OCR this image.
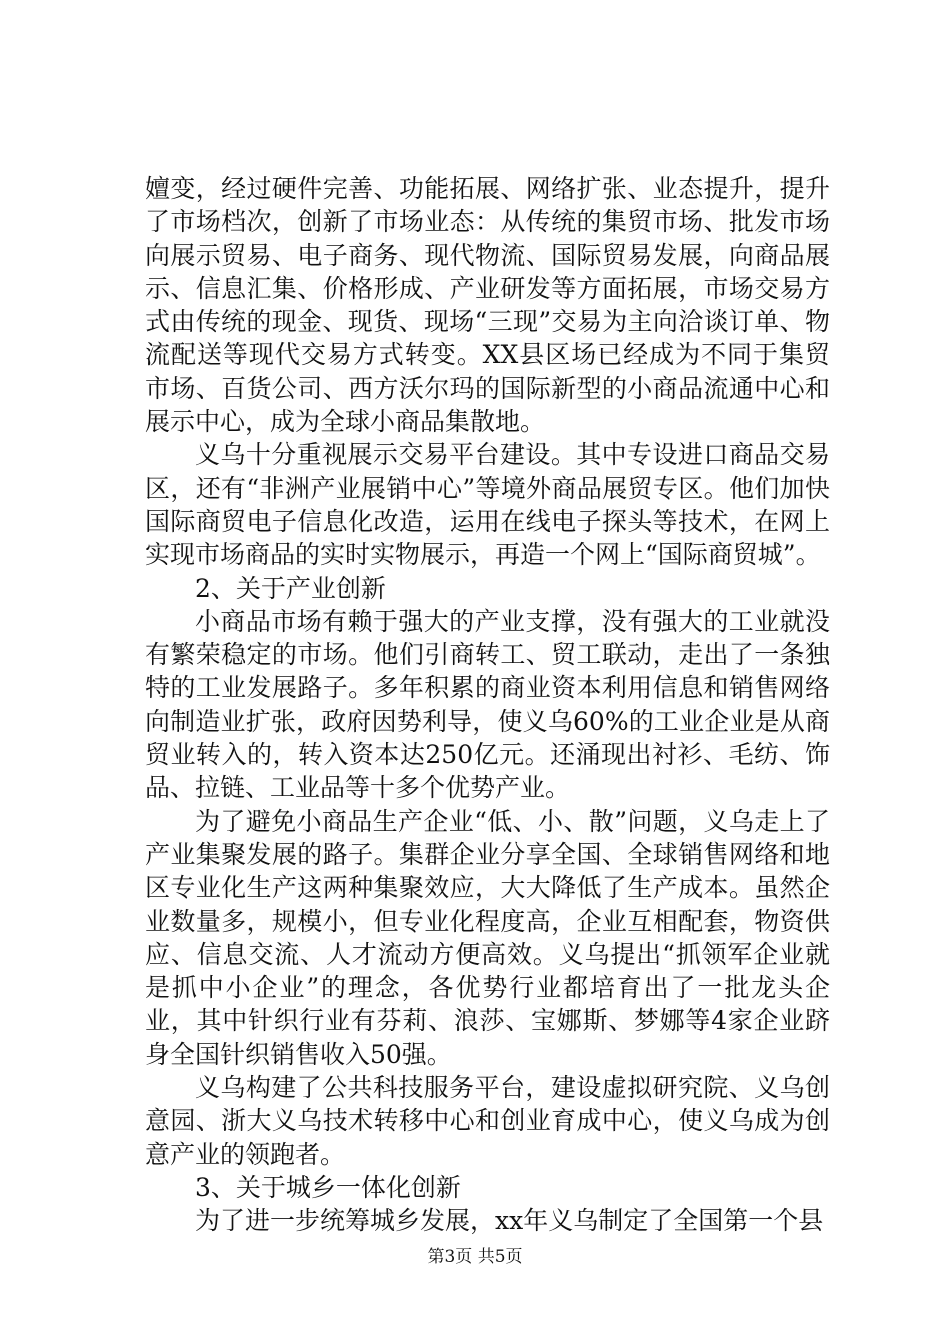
嬗变，经过硬件完善、功能拓展、网络扩张、业态提升，提升了市场档次，创新了市场业态：从传统的集贸市场、批发市场向展示贸易、电子商务、现代物流、国际贸易发展，向商品展示、信息汇集、价格形成、产业研发等方面拓展，市场交易方式由传统的现金、现货、现场“三现”交易为主向洽谈订单、物流配送等现代交易方式转变。XX县区场已经成为不同于集贸市场、百货公司、西方沃尔玛的国际新型的小商品流通中心和展示中心，成为全球小商品集散地。

义乌十分重视展示交易平台建设。其中专设进口商品交易区，还有“非洲产业展销中心”等境外商品展贸专区。他们加快国际商贸电子信息化改造，运用在线电子探头等技术，在网上实现市场商品的实时实物展示，再造一个网上“国际商贸城”。

2、关于产业创新

小商品市场有赖于强大的产业支撑，没有强大的工业就没有繁荣稳定的市场。他们引商转工、贸工联动，走出了一条独特的工业发展路子。多年积累的商业资本利用信息和销售网络向制造业扩张，政府因势利导，使义乌60%的工业企业是从商贸业转入的，转入资本达250亿元。还涌现出衬衫、毛纺、饰品、拉链、工业品等十多个优势产业。

为了避免小商品生产企业“低、小、散”问题，义乌走上了产业集聚发展的路子。集群企业分享全国、全球销售网络和地区专业化生产这两种集聚效应，大大降低了生产成本。虽然企业数量多，规模小，但专业化程度高，企业互相配套，物资供应、信息交流、人才流动方便高效。义乌提出“抓领军企业就是抓中小企业”的理念，各优势行业都培育出了一批龙头企业，其中针织行业有芬莉、浪莎、宝娜斯、梦娜等4家企业跻身全国针织销售收入50强。

义乌构建了公共科技服务平台，建设虚拟研究院、义乌创意园、浙大义乌技术转移中心和创业育成中心，使义乌成为创意产业的领跑者。

3、关于城乡一体化创新

为了进一步统筹城乡发展，xx年义乌制定了全国第一个县

第3页 共5页
